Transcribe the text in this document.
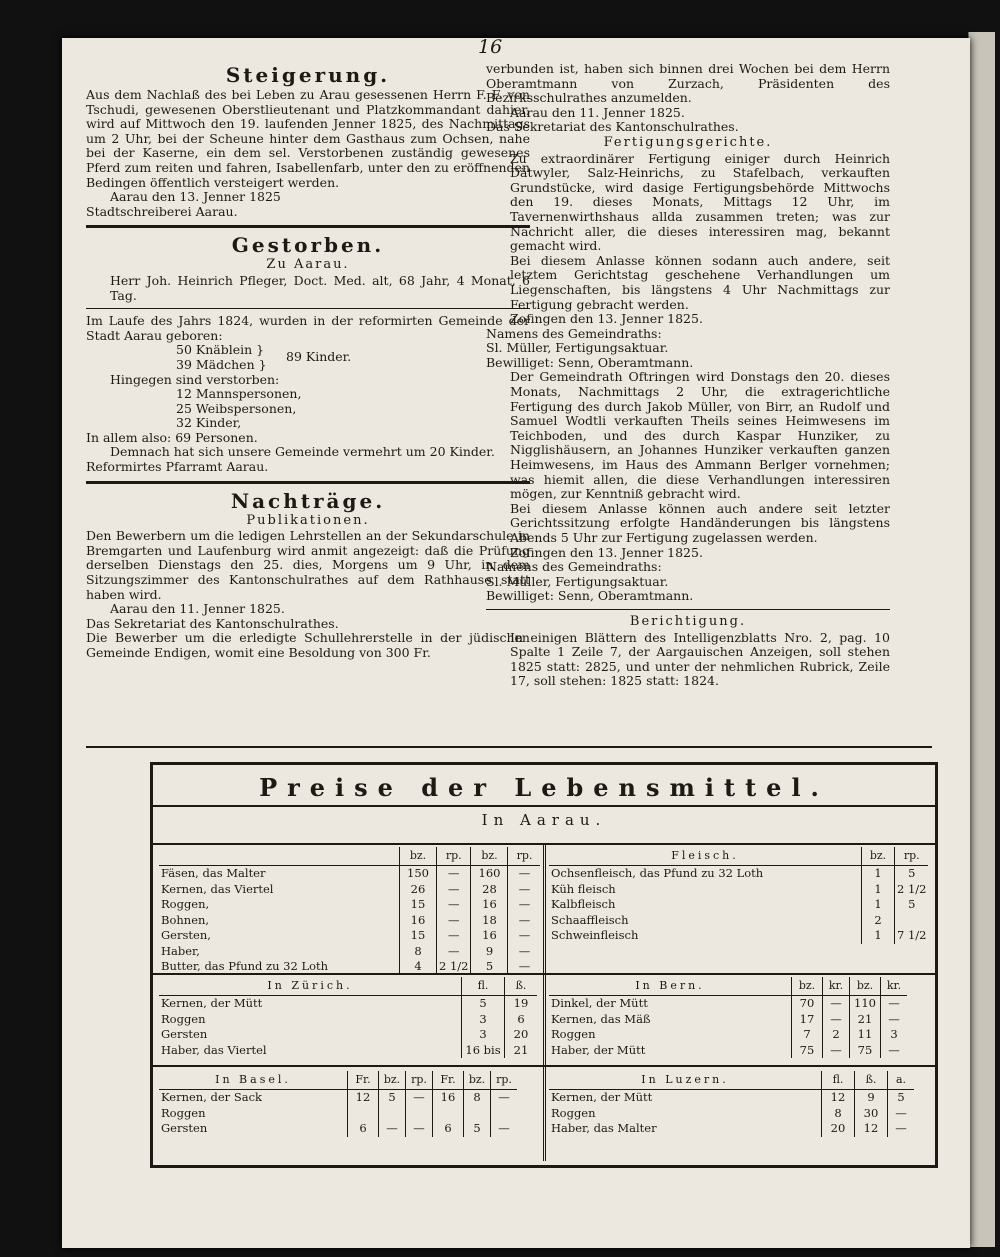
16
Steigerung.

Aus dem Nachlaß des bei Leben zu Arau gesessenen Herrn F. F. von Tschudi, gewesenen Oberstlieutenant und Platzkommandant dahier, wird auf Mittwoch den 19. laufenden Jenner 1825, des Nachmittags um 2 Uhr, bei der Scheune hinter dem Gasthaus zum Ochsen, nahe bei der Kaserne, ein dem sel. Verstorbenen zuständig gewesenes Pferd zum reiten und fahren, Isabellenfarb, unter den zu eröffnenden Bedingen öffentlich versteigert werden.

Aarau den 13. Jenner 1825

Stadtschreiberei Aarau.

Gestorben.
Zu Aarau.

Herr Joh. Heinrich Pfleger, Doct. Med. alt, 68 Jahr, 4 Monat, 6 Tag.

Im Laufe des Jahrs 1824, wurden in der reformirten Gemeinde der Stadt Aarau geboren:

50 Knäblein }
39 Mädchen }
89 Kinder.

Hingegen sind verstorben:

12 Mannspersonen,
25 Weibspersonen,
32 Kinder,

In allem also: 69 Personen.

Demnach hat sich unsere Gemeinde vermehrt um 20 Kinder.

Reformirtes Pfarramt Aarau.

Nachträge.
Publikationen.

Den Bewerbern um die ledigen Lehrstellen an der Sekundarschule in Bremgarten und Laufenburg wird anmit angezeigt: daß die Prüfung derselben Dienstags den 25. dies, Morgens um 9 Uhr, in dem Sitzungszimmer des Kantonschulrathes auf dem Rathhause statt haben wird.

Aarau den 11. Jenner 1825.

Das Sekretariat des Kantonschulrathes.

Die Bewerber um die erledigte Schullehrerstelle in der jüdischen Gemeinde Endigen, womit eine Besoldung von 300 Fr.

verbunden ist, haben sich binnen drei Wochen bei dem Herrn Oberamtmann von Zurzach, Präsidenten des Bezirksschulrathes anzumelden.

Aarau den 11. Jenner 1825.

Das Sekretariat des Kantonschulrathes.

Fertigungsgerichte.

Zu extraordinärer Fertigung einiger durch Heinrich Dätwyler, Salz-Heinrichs, zu Stafelbach, verkauften Grundstücke, wird dasige Fertigungsbehörde Mittwochs den 19. dieses Monats, Mittags 12 Uhr, im Tavernenwirthshaus allda zusammen treten; was zur Nachricht aller, die dieses interessiren mag, bekannt gemacht wird.

Bei diesem Anlasse können sodann auch andere, seit letztem Gerichtstag geschehene Verhandlungen um Liegenschaften, bis längstens 4 Uhr Nachmittags zur Fertigung gebracht werden.

Zofingen den 13. Jenner 1825.

Namens des Gemeindraths:

Sl. Müller, Fertigungsaktuar.

Bewilliget: Senn, Oberamtmann.

Der Gemeindrath Oftringen wird Donstags den 20. dieses Monats, Nachmittags 2 Uhr, die extragerichtliche Fertigung des durch Jakob Müller, von Birr, an Rudolf und Samuel Wodtli verkauften Theils seines Heimwesens im Teichboden, und des durch Kaspar Hunziker, zu Nigglishäusern, an Johannes Hunziker verkauften ganzen Heimwesens, im Haus des Ammann Berlger vornehmen; was hiemit allen, die diese Verhandlungen interessiren mögen, zur Kenntniß gebracht wird.

Bei diesem Anlasse können auch andere seit letzter Gerichtssitzung erfolgte Handänderungen bis längstens Abends 5 Uhr zur Fertigung zugelassen werden.

Zofingen den 13. Jenner 1825.

Namens des Gemeindraths:

Sl. Müller, Fertigungsaktuar.

Bewilliget: Senn, Oberamtmann.

Berichtigung.

In einigen Blättern des Intelligenzblatts Nro. 2, pag. 10 Spalte 1 Zeile 7, der Aargauischen Anzeigen, soll stehen 1825 statt: 2825, und unter der nehmlichen Rubrick, Zeile 17, soll stehen: 1825 statt: 1824.

Preise der Lebensmittel.
In Aarau.
	bz.	rp.	bz.	rp.
Fäsen, das Malter	150	—	160	—
Kernen, das Viertel	26	—	28	—
Roggen,	15	—	16	—
Bohnen,	16	—	18	—
Gersten,	15	—	16	—
Haber,	8	—	9	—
Butter, das Pfund zu 32 Loth	4	2 1/2	5	—
Fleisch.	bz.	rp.
Ochsenfleisch, das Pfund zu 32 Loth	1	5
Küh fleisch	1	2 1/2
Kalbfleisch	1	5
Schaaffleisch	2	
Schweinfleisch	1	7 1/2
In Zürich.	fl.	ß.
Kernen, der Mütt	5	19
Roggen	3	6
Gersten	3	20
Haber, das Viertel	16 bis	21
In Bern.	bz.	kr.	bz.	kr.
Dinkel, der Mütt	70	—	110	—
Kernen, das Mäß	17	—	21	—
Roggen	7	2	11	3
Haber, der Mütt	75	—	75	—
In Basel.	Fr.	bz.	rp.	Fr.	bz.	rp.
Kernen, der Sack	12	5	—	16	8	—
Roggen						
Gersten	6	—	—	6	5	—
In Luzern.	fl.	ß.	a.
Kernen, der Mütt	12	9	5
Roggen	8	30	—
Haber, das Malter	20	12	—
